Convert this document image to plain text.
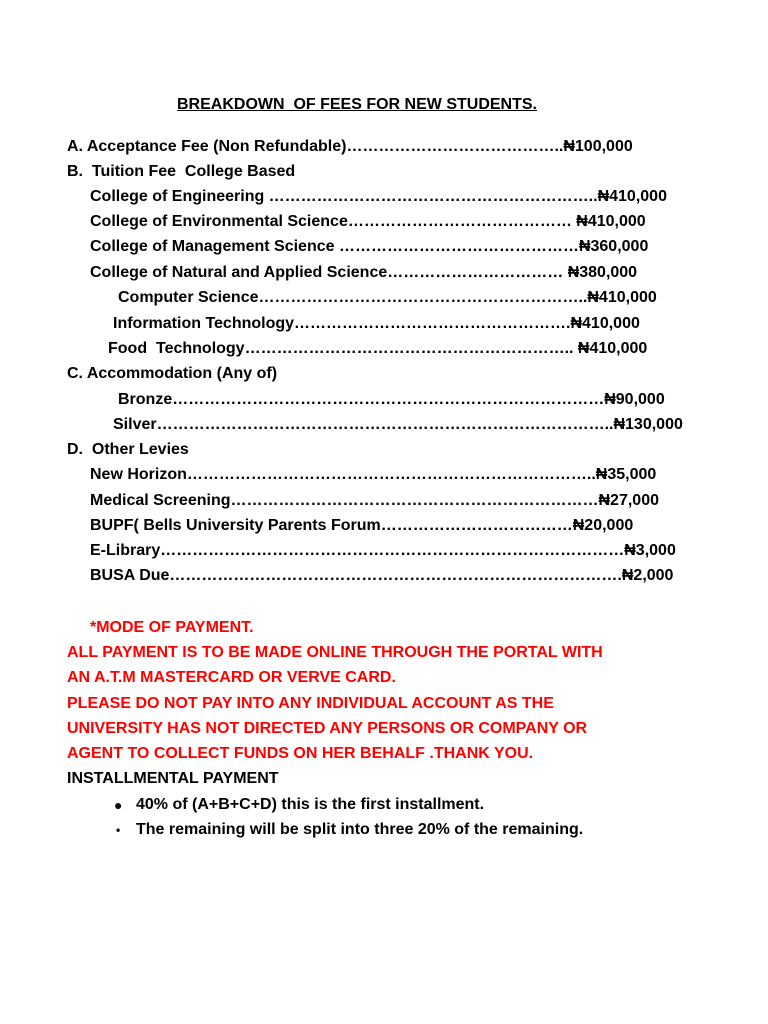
BREAKDOWN  OF FEES FOR NEW STUDENTS.
A. Acceptance Fee (Non Refundable)…………………………………..₦100,000
B.  Tuition Fee  College Based
College of Engineering ……………………………………………………..₦410,000
College of Environmental Science…………………………………… ₦410,000
College of Management Science ………………………………………₦360,000
College of Natural and Applied Science…………………………… ₦380,000
Computer Science……………………………………………………..₦410,000
Information Technology…………………………………………….₦410,000
Food  Technology…………………………………………………….. ₦410,000
C. Accommodation (Any of)
Bronze………………………………………………………………………₦90,000
Silver…………………………………………………………………………..₦130,000
D.  Other Levies
New Horizon…………………………………………………………………..₦35,000
Medical Screening……………………………………………………………₦27,000
BUPF( Bells University Parents Forum………………………………₦20,000
E-Library……………………………………………………………………………₦3,000
BUSA Due………………………………………………………………………….₦2,000
*MODE OF PAYMENT.
ALL PAYMENT IS TO BE MADE ONLINE THROUGH THE PORTAL WITH
AN A.T.M MASTERCARD OR VERVE CARD.
PLEASE DO NOT PAY INTO ANY INDIVIDUAL ACCOUNT AS THE
UNIVERSITY HAS NOT DIRECTED ANY PERSONS OR COMPANY OR
AGENT TO COLLECT FUNDS ON HER BEHALF .THANK YOU.
INSTALLMENTAL PAYMENT
● 40% of (A+B+C+D) this is the first installment.
• The remaining will be split into three 20% of the remaining.
